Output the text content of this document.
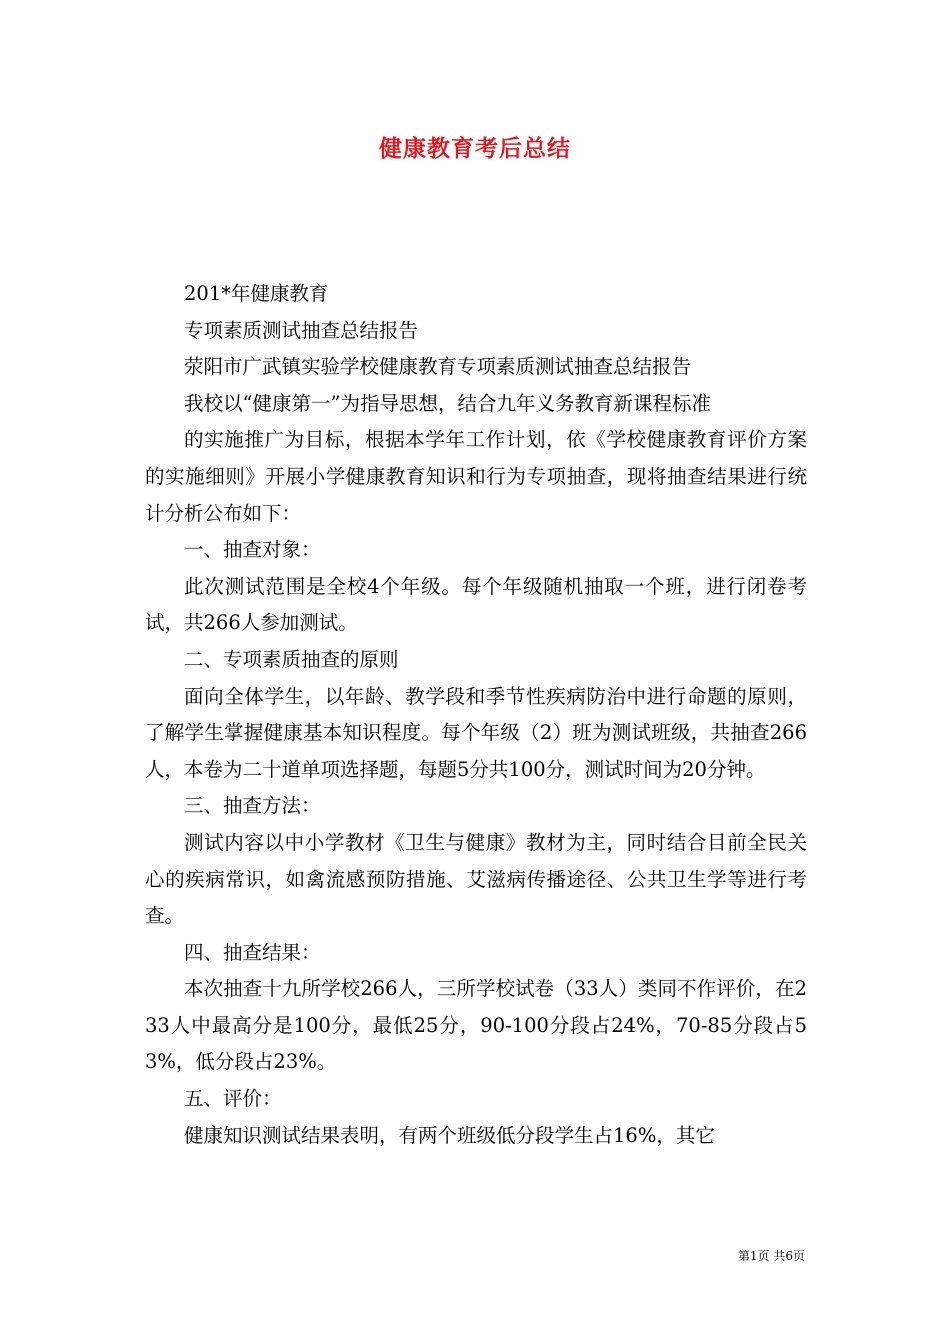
健康教育考后总结

201*年健康教育

专项素质测试抽查总结报告

荥阳市广武镇实验学校健康教育专项素质测试抽查总结报告

我校以“健康第一”为指导思想，结合九年义务教育新课程标准

的实施推广为目标，根据本学年工作计划，依《学校健康教育评价方案的实施细则》开展小学健康教育知识和行为专项抽查，现将抽查结果进行统计分析公布如下：

一、抽查对象：

此次测试范围是全校4个年级。每个年级随机抽取一个班，进行闭卷考试，共266人参加测试。

二、专项素质抽查的原则

面向全体学生，以年龄、教学段和季节性疾病防治中进行命题的原则，了解学生掌握健康基本知识程度。每个年级（2）班为测试班级，共抽查266人，本卷为二十道单项选择题，每题5分共100分，测试时间为20分钟。

三、抽查方法：

测试内容以中小学教材《卫生与健康》教材为主，同时结合目前全民关心的疾病常识，如禽流感预防措施、艾滋病传播途径、公共卫生学等进行考查。

四、抽查结果：

本次抽查十九所学校266人，三所学校试卷（33人）类同不作评价，在233人中最高分是100分，最低25分，90-100分段占24%，70-85分段占53%，低分段占23%。

五、评价：

健康知识测试结果表明，有两个班级低分段学生占16%，其它

第1页 共6页
